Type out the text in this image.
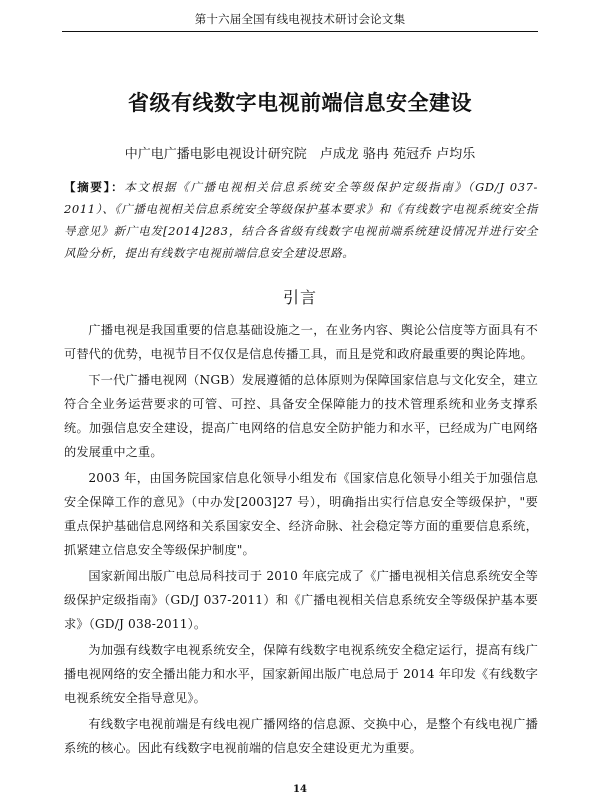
第十六届全国有线电视技术研讨会论文集
省级有线数字电视前端信息安全建设
中广电广播电影电视设计研究院　卢成龙 骆冉 苑冠乔 卢均乐
【摘要】：本文根据《广播电视相关信息系统安全等级保护定级指南》（GD/J 037-2011）、《广播电视相关信息系统安全等级保护基本要求》和《有线数字电视系统安全指导意见》新广电发[2014]283，结合各省级有线数字电视前端系统建设情况并进行安全风险分析，提出有线数字电视前端信息安全建设思路。
引言

广播电视是我国重要的信息基础设施之一，在业务内容、舆论公信度等方面具有不可替代的优势，电视节目不仅仅是信息传播工具，而且是党和政府最重要的舆论阵地。

下一代广播电视网（NGB）发展遵循的总体原则为保障国家信息与文化安全，建立符合全业务运营要求的可管、可控、具备安全保障能力的技术管理系统和业务支撑系统。加强信息安全建设，提高广电网络的信息安全防护能力和水平，已经成为广电网络的发展重中之重。

2003 年，由国务院国家信息化领导小组发布《国家信息化领导小组关于加强信息安全保障工作的意见》（中办发[2003]27 号），明确指出实行信息安全等级保护，"要重点保护基础信息网络和关系国家安全、经济命脉、社会稳定等方面的重要信息系统，抓紧建立信息安全等级保护制度"。

国家新闻出版广电总局科技司于 2010 年底完成了《广播电视相关信息系统安全等级保护定级指南》（GD/J 037-2011）和《广播电视相关信息系统安全等级保护基本要求》（GD/J 038-2011）。

为加强有线数字电视系统安全，保障有线数字电视系统安全稳定运行，提高有线广播电视网络的安全播出能力和水平，国家新闻出版广电总局于 2014 年印发《有线数字电视系统安全指导意见》。

有线数字电视前端是有线电视广播网络的信息源、交换中心，是整个有线电视广播系统的核心。因此有线数字电视前端的信息安全建设更尤为重要。

14
